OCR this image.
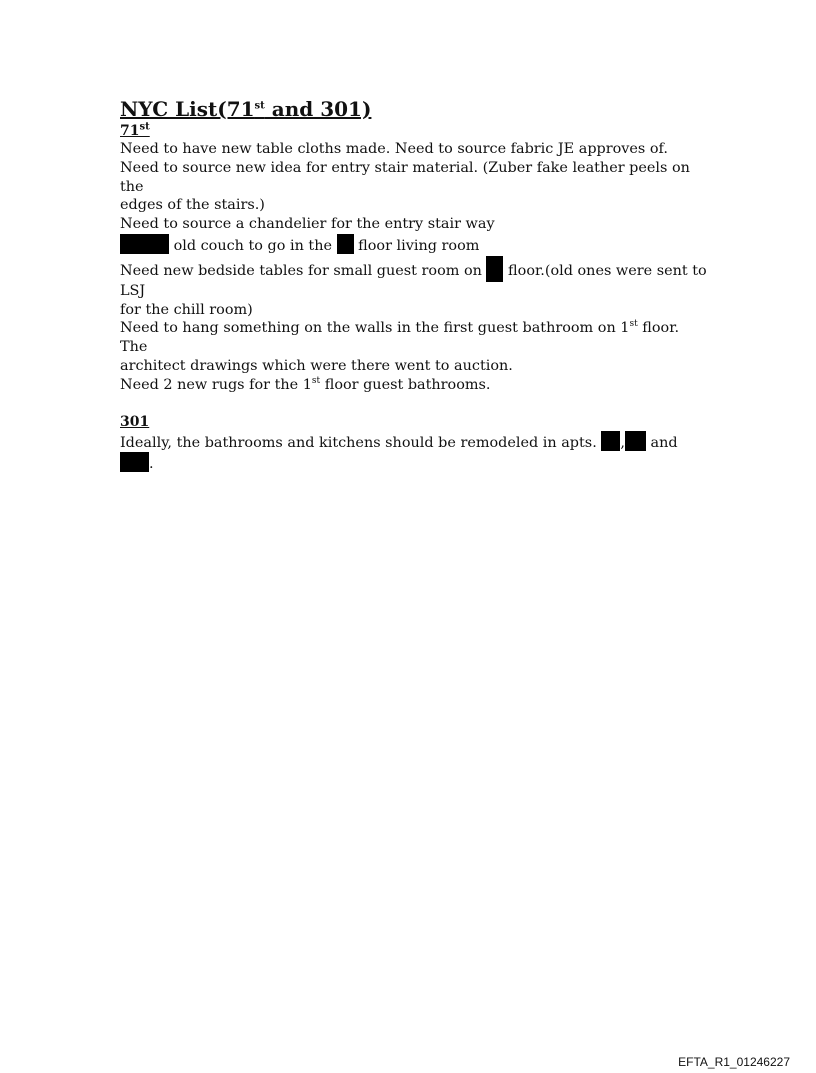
NYC List(71st and 301)
71st

Need to have new table cloths made. Need to source fabric JE approves of.

Need to source new idea for entry stair material. (Zuber fake leather peels on the

edges of the stairs.)

Need to source a chandelier for the entry stair way

old couch to go in the  floor living room

Need new bedside tables for small guest room on  floor.(old ones were sent to LSJ

for the chill room)

Need to hang something on the walls in the first guest bathroom on 1st floor. The

architect drawings which were there went to auction.

Need 2 new rugs for the 1st floor guest bathrooms.

301

Ideally, the bathrooms and kitchens should be remodeled in apts. , and .

EFTA_R1_01246227
